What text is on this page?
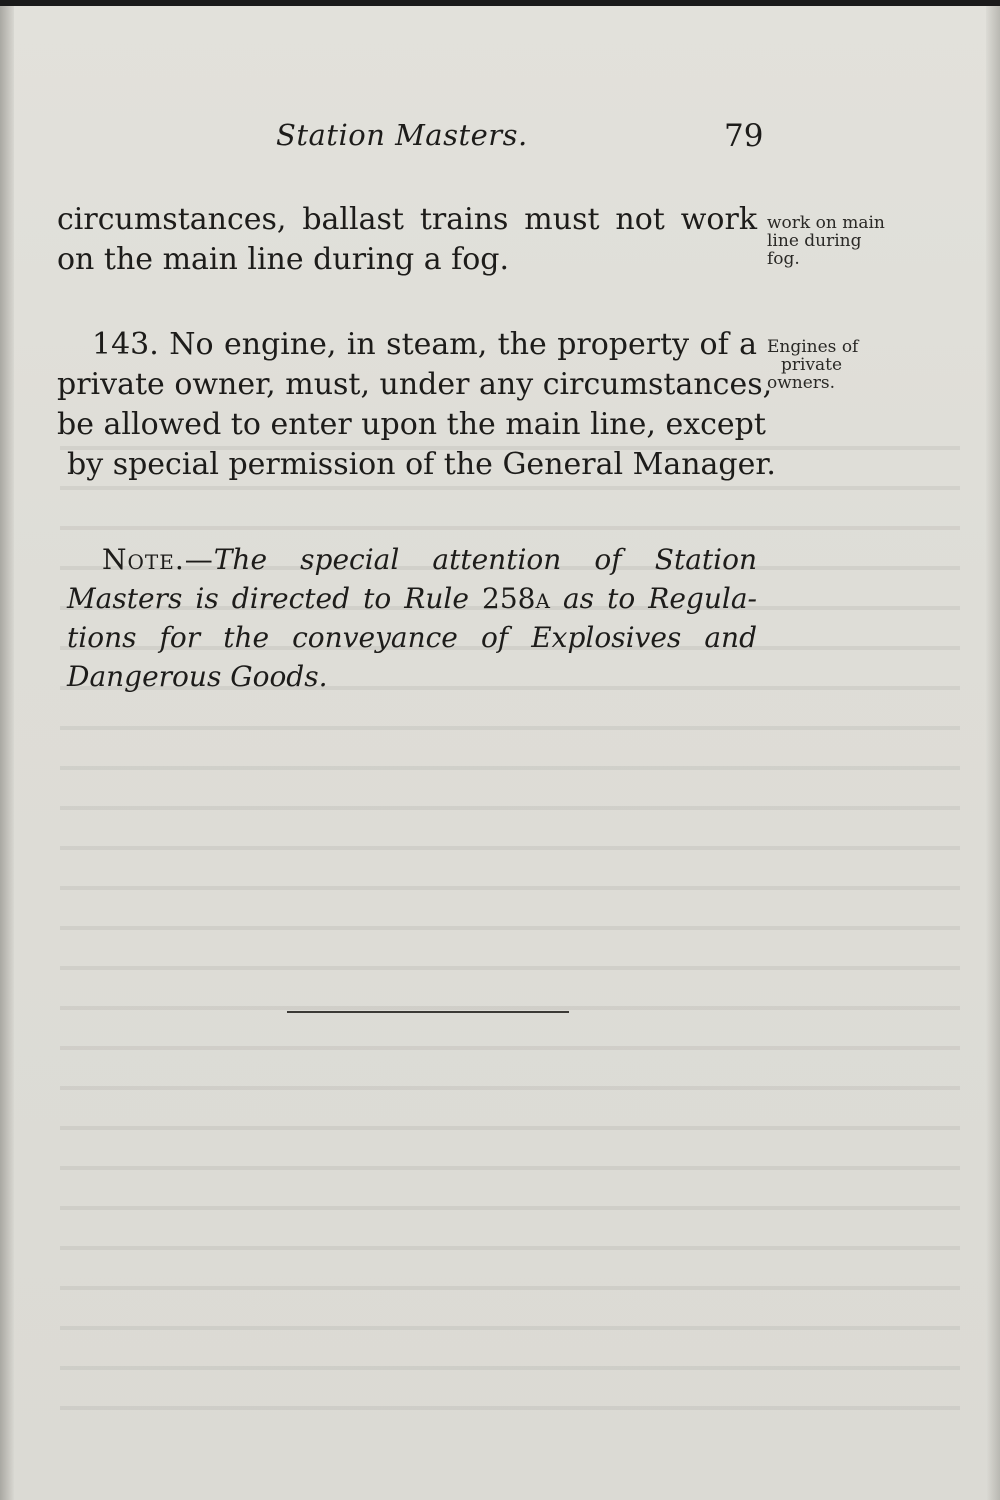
Station Masters.	79
circumstances, ballast trains must not work
on the main line during a fog.
work on main
line during
fog.
143. No engine, in steam, the property of a
private owner, must, under any circumstances,
be allowed to enter upon the main line, except
by special permission of the General Manager.
Engines of
private
owners.
Note.—The special attention of Station
Masters is directed to Rule 258a as to Regula-
tions for the conveyance of Explosives and
Dangerous Goods.
